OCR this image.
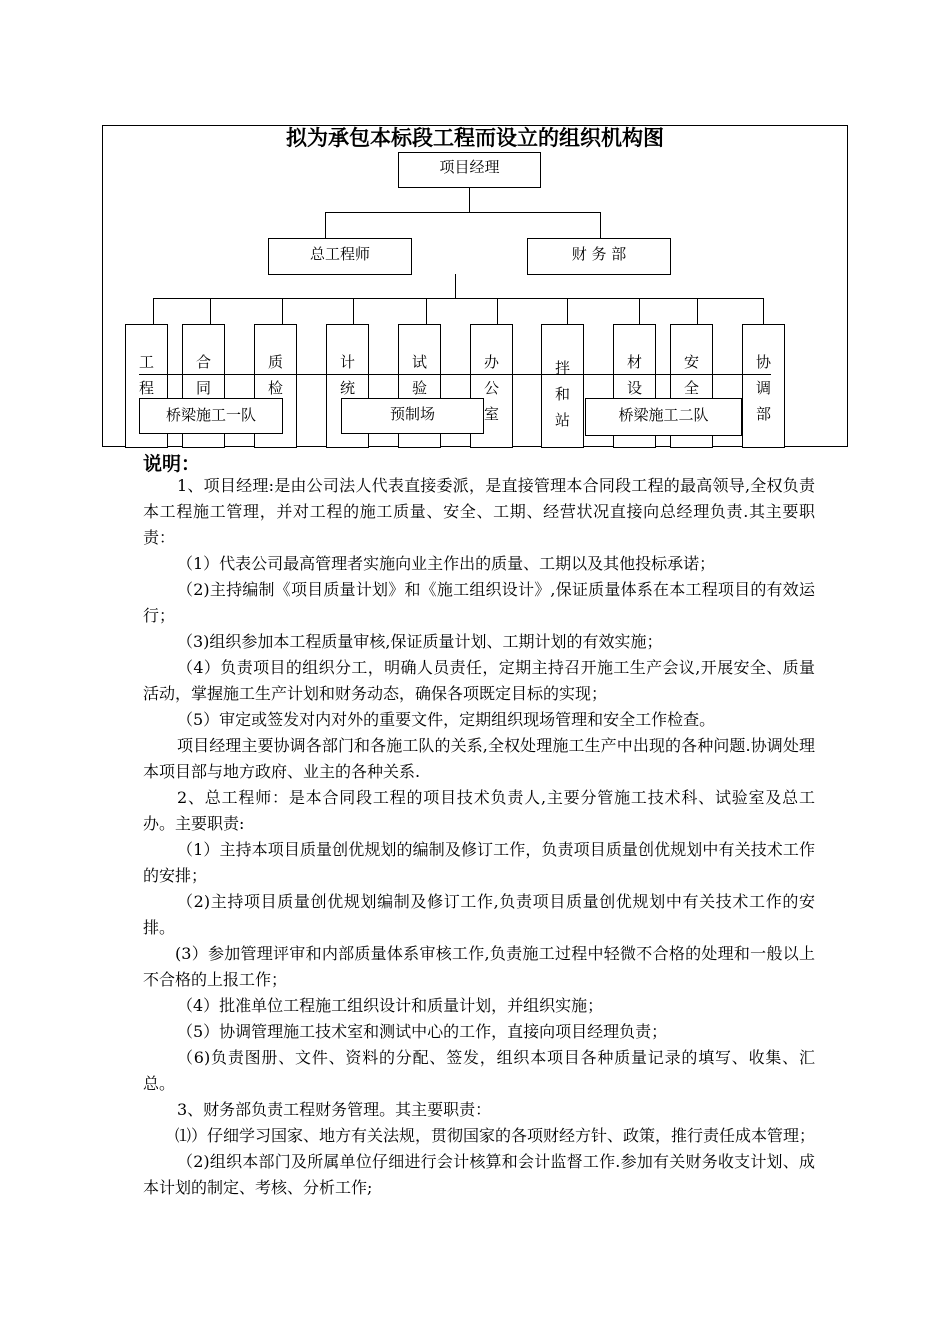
拟为承包本标段工程而设立的组织机构图
项目经理
总工程师	财 务 部
工程
合同
质检
计统
试验
办公室
拌和站
材设
安全
协调部
桥梁施工一队	预制场	桥梁施工二队
说明：

1、项目经理:是由公司法人代表直接委派，是直接管理本合同段工程的最高领导,全权负责本工程施工管理，并对工程的施工质量、安全、工期、经营状况直接向总经理负责.其主要职责：

（1）代表公司最高管理者实施向业主作出的质量、工期以及其他投标承诺；

（2)主持编制《项目质量计划》和《施工组织设计》,保证质量体系在本工程项目的有效运行；

（3)组织参加本工程质量审核,保证质量计划、工期计划的有效实施；

（4）负责项目的组织分工，明确人员责任，定期主持召开施工生产会议,开展安全、质量活动，掌握施工生产计划和财务动态，确保各项既定目标的实现；

（5）审定或签发对内对外的重要文件，定期组织现场管理和安全工作检查。

项目经理主要协调各部门和各施工队的关系,全权处理施工生产中出现的各种问题.协调处理本项目部与地方政府、业主的各种关系.

2、总工程师：是本合同段工程的项目技术负责人,主要分管施工技术科、试验室及总工办。主要职责:

（1）主持本项目质量创优规划的编制及修订工作，负责项目质量创优规划中有关技术工作的安排；

（2)主持项目质量创优规划编制及修订工作,负责项目质量创优规划中有关技术工作的安排。

(3）参加管理评审和内部质量体系审核工作,负责施工过程中轻微不合格的处理和一般以上不合格的上报工作；

（4）批准单位工程施工组织设计和质量计划，并组织实施；

（5）协调管理施工技术室和测试中心的工作，直接向项目经理负责；

（6)负责图册、文件、资料的分配、签发，组织本项目各种质量记录的填写、收集、汇总。

3、财务部负责工程财务管理。其主要职责：

⑴）仔细学习国家、地方有关法规，贯彻国家的各项财经方针、政策，推行责任成本管理；

（2)组织本部门及所属单位仔细进行会计核算和会计监督工作.参加有关财务收支计划、成本计划的制定、考核、分析工作;
